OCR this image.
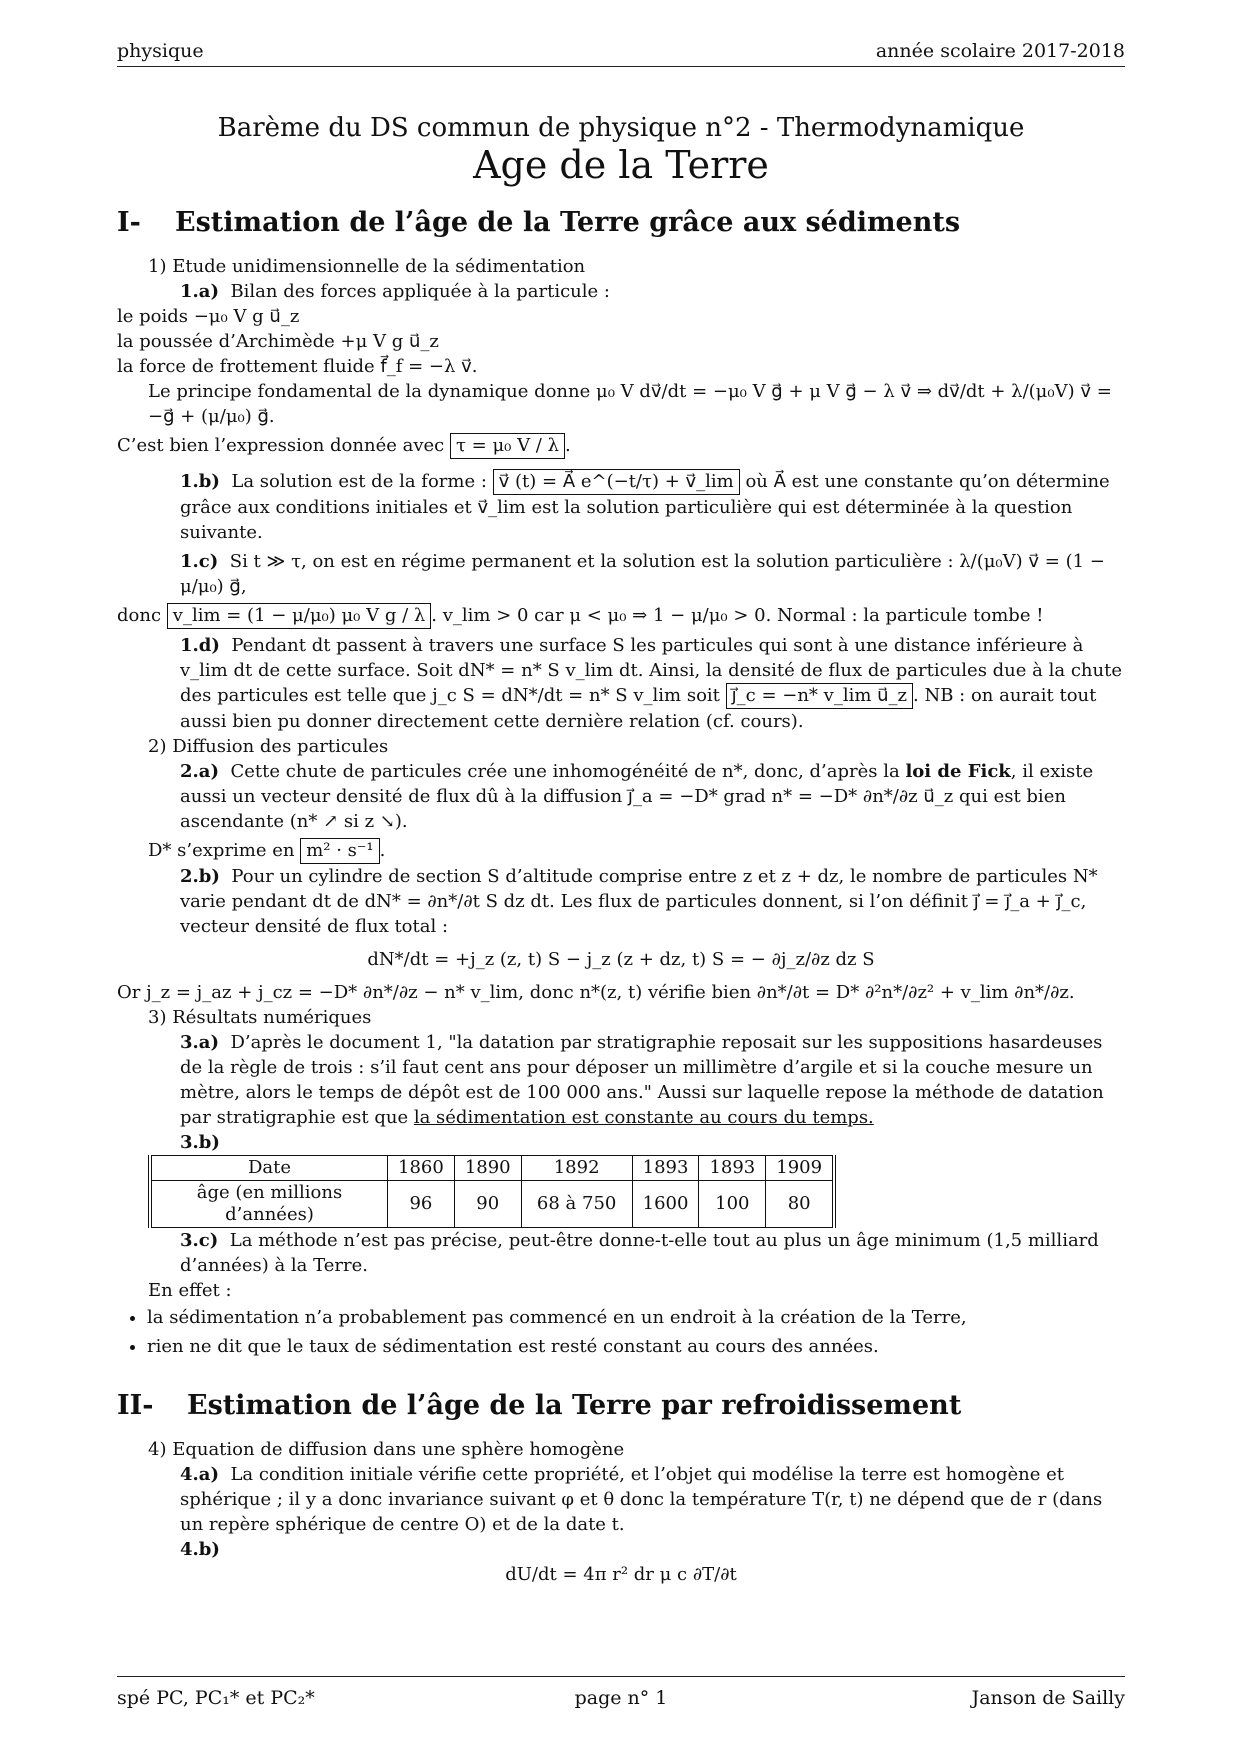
physique	année scolaire 2017-2018
Barème du DS commun de physique n°2 - Thermodynamique
Age de la Terre
I- Estimation de l’âge de la Terre grâce aux sédiments

1) Etude unidimensionnelle de la sédimentation

1.a) Bilan des forces appliquée à la particule :

le poids −μ₀ V g u⃗_z

la poussée d’Archimède +μ V g u⃗_z

la force de frottement fluide f⃗_f = −λ v⃗.

Le principe fondamental de la dynamique donne μ₀ V dv⃗/dt = −μ₀ V g⃗ + μ V g⃗ − λ v⃗ ⇒ dv⃗/dt + λ/(μ₀V) v⃗ = −g⃗ + (μ/μ₀) g⃗.

C’est bien l’expression donnée avec τ = μ₀ V / λ .

1.b) La solution est de la forme : v⃗ (t) = A⃗ e^(−t/τ) + v⃗_lim où A⃗ est une constante qu’on détermine grâce aux conditions initiales et v⃗_lim est la solution particulière qui est déterminée à la question suivante.

1.c) Si t ≫ τ, on est en régime permanent et la solution est la solution particulière : λ/(μ₀V) v⃗ = (1 − μ/μ₀) g⃗,

donc v_lim = (1 − μ/μ₀) μ₀ V g / λ . v_lim > 0 car μ < μ₀ ⇒ 1 − μ/μ₀ > 0. Normal : la particule tombe !

1.d) Pendant dt passent à travers une surface S les particules qui sont à une distance inférieure à v_lim dt de cette surface. Soit dN* = n* S v_lim dt. Ainsi, la densité de flux de particules due à la chute des particules est telle que j_c S = dN*/dt = n* S v_lim soit j⃗_c = −n* v_lim u⃗_z . NB : on aurait tout aussi bien pu donner directement cette dernière relation (cf. cours).

2) Diffusion des particules

2.a) Cette chute de particules crée une inhomogénéité de n*, donc, d’après la loi de Fick, il existe aussi un vecteur densité de flux dû à la diffusion j⃗_a = −D* grad n* = −D* ∂n*/∂z u⃗_z qui est bien ascendante (n* ↗ si z ↘).

D* s’exprime en m² · s⁻¹ .

2.b) Pour un cylindre de section S d’altitude comprise entre z et z + dz, le nombre de particules N* varie pendant dt de dN* = ∂n*/∂t S dz dt. Les flux de particules donnent, si l’on définit j⃗ = j⃗_a + j⃗_c, vecteur densité de flux total :

dN*/dt = +j_z (z, t) S − j_z (z + dz, t) S = − ∂j_z/∂z dz S

Or j_z = j_az + j_cz = −D* ∂n*/∂z − n* v_lim, donc n*(z, t) vérifie bien ∂n*/∂t = D* ∂²n*/∂z² + v_lim ∂n*/∂z.

3) Résultats numériques

3.a) D’après le document 1, "la datation par stratigraphie reposait sur les suppositions hasardeuses de la règle de trois : s’il faut cent ans pour déposer un millimètre d’argile et si la couche mesure un mètre, alors le temps de dépôt est de 100 000 ans." Aussi sur laquelle repose la méthode de datation par stratigraphie est que la sédimentation est constante au cours du temps.

3.b)

Date	1860	1890	1892	1893	1893	1909
âge (en millions d’années)	96	90	68 à 750	1600	100	80

3.c) La méthode n’est pas précise, peut-être donne-t-elle tout au plus un âge minimum (1,5 milliard d’années) à la Terre.

En effet :

• la sédimentation n’a probablement pas commencé en un endroit à la création de la Terre,
• rien ne dit que le taux de sédimentation est resté constant au cours des années.
II- Estimation de l’âge de la Terre par refroidissement

4) Equation de diffusion dans une sphère homogène

4.a) La condition initiale vérifie cette propriété, et l’objet qui modélise la terre est homogène et sphérique ; il y a donc invariance suivant φ et θ donc la température T(r, t) ne dépend que de r (dans un repère sphérique de centre O) et de la date t.

4.b)

dU/dt = 4π r² dr μ c ∂T/∂t

spé PC, PC₁* et PC₂*	page n° 1	Janson de Sailly
